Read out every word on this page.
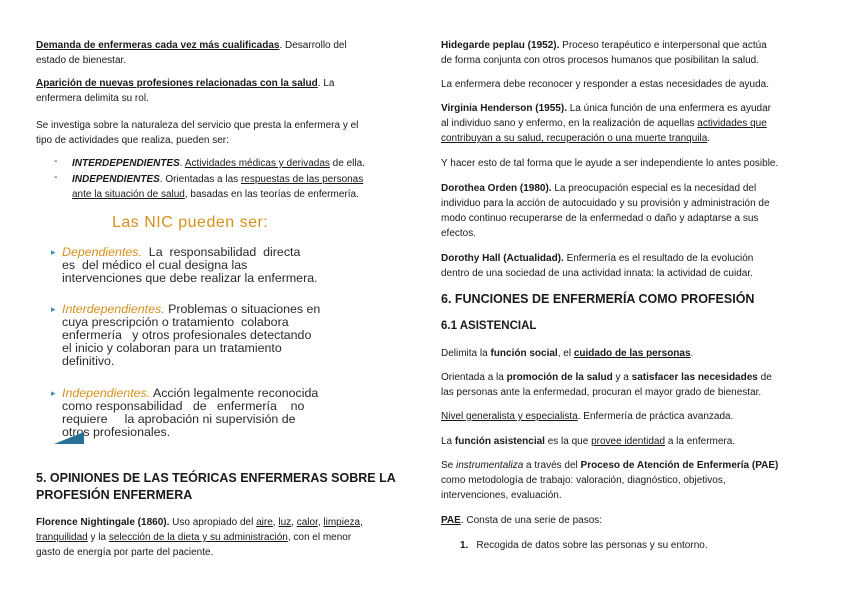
Demanda de enfermeras cada vez más cualificadas. Desarrollo del
estado de bienestar.
Aparición de nuevas profesiones relacionadas con la salud. La
enfermera delimita su rol.
Se investiga sobre la naturaleza del servicio que presta la enfermera y el
tipo de actividades que realiza, pueden ser:
- INTERDEPENDIENTES. Actividades médicas y derivadas de ella.
- INDEPENDIENTES. Orientadas a las respuestas de las personas
ante la situación de salud, basadas en las teorías de enfermería.
Las NIC pueden ser:
▸ Dependientes.  La  responsabilidad  directa
es  del médico el cual designa las
intervenciones que debe realizar la enfermera.
▸ Interdependientes. Problemas o situaciones en
cuya prescripción o tratamiento  colabora
enfermería   y otros profesionales detectando
el inicio y colaboran para un tratamiento
definitivo.
▸ Independientes. Acción legalmente reconocida
como responsabilidad   de   enfermería    no
requiere     la aprobación ni supervisión de
otros profesionales.
5. OPINIONES DE LAS TEÓRICAS ENFERMERAS SOBRE LA
PROFESIÓN ENFERMERA
Florence Nightingale (1860). Uso apropiado del aire, luz, calor, limpieza,
tranquilidad y la selección de la dieta y su administración, con el menor
gasto de energía por parte del paciente.
Hidegarde peplau (1952). Proceso terapéutico e interpersonal que actúa
de forma conjunta con otros procesos humanos que posibilitan la salud.
La enfermera debe reconocer y responder a estas necesidades de ayuda.
Virginia Henderson (1955). La única función de una enfermera es ayudar
al individuo sano y enfermo, en la realización de aquellas actividades que
contribuyan a su salud, recuperación o una muerte tranquila.
Y hacer esto de tal forma que le ayude a ser independiente lo antes posible.
Dorothea Orden (1980). La preocupación especial es la necesidad del
individuo para la acción de autocuidado y su provisión y administración de
modo continuo recuperarse de la enfermedad o daño y adaptarse a sus
efectos.
Dorothy Hall (Actualidad). Enfermería es el resultado de la evolución
dentro de una sociedad de una actividad innata: la actividad de cuidar.
6. FUNCIONES DE ENFERMERÍA COMO PROFESIÓN
6.1 ASISTENCIAL
Delimita la función social, el cuidado de las personas.
Orientada a la promoción de la salud y a satisfacer las necesidades de
las personas ante la enfermedad, procuran el mayor grado de bienestar.
Nivel generalista y especialista. Enfermería de práctica avanzada.
La función asistencial es la que provee identidad a la enfermera.
Se instrumentaliza a través del Proceso de Atención de Enfermería (PAE)
como metodología de trabajo: valoración, diagnóstico, objetivos,
intervenciones, evaluación.
PAE. Consta de una serie de pasos:
1. Recogida de datos sobre las personas y su entorno.
